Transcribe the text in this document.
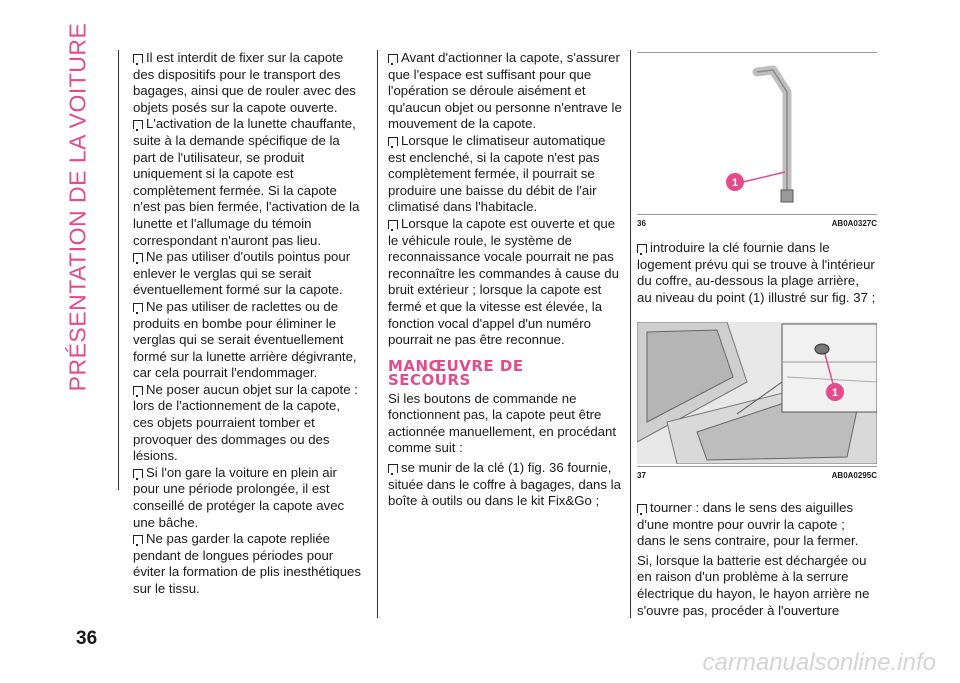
PRÉSENTATION DE LA VOITURE	Il est interdit de fixer sur la capote des dispositifs pour le transport des bagages, ainsi que de rouler avec des objets posés sur la capote ouverte.

L'activation de la lunette chauffante, suite à la demande spécifique de la part de l'utilisateur, se produit uniquement si la capote est complètement fermée. Si la capote n'est pas bien fermée, l'activation de la lunette et l'allumage du témoin correspondant n'auront pas lieu.

Ne pas utiliser d'outils pointus pour enlever le verglas qui se serait éventuellement formé sur la capote.

Ne pas utiliser de raclettes ou de produits en bombe pour éliminer le verglas qui se serait éventuellement formé sur la lunette arrière dégivrante, car cela pourrait l'endommager.

Ne poser aucun objet sur la capote : lors de l'actionnement de la capote, ces objets pourraient tomber et provoquer des dommages ou des lésions.

Si l'on gare la voiture en plein air pour une période prolongée, il est conseillé de protéger la capote avec une bâche.

Ne pas garder la capote repliée pendant de longues périodes pour éviter la formation de plis inesthétiques sur le tissu.

Avant d'actionner la capote, s'assurer que l'espace est suffisant pour que l'opération se déroule aisément et qu'aucun objet ou personne n'entrave le mouvement de la capote.

Lorsque le climatiseur automatique est enclenché, si la capote n'est pas complètement fermée, il pourrait se produire une baisse du débit de l'air climatisé dans l'habitacle.

Lorsque la capote est ouverte et que le véhicule roule, le système de reconnaissance vocale pourrait ne pas reconnaître les commandes à cause du bruit extérieur ; lorsque la capote est fermé et que la vitesse est élevée, la fonction vocal d'appel d'un numéro pourrait ne pas être reconnue.

MANŒUVRE DE
SECOURS

Si les boutons de commande ne fonctionnent pas, la capote peut être actionnée manuellement, en procédant comme suit :

se munir de la clé (1) fig. 36 fournie, située dans le coffre à bagages, dans la boîte à outils ou dans le kit Fix&Go ;

1
36	AB0A0327C

introduire la clé fournie dans le logement prévu qui se trouve à l'intérieur du coffre, au-dessous la plage arrière, au niveau du point (1) illustré sur fig. 37 ;

1
37	AB0A0295C

tourner : dans le sens des aiguilles d'une montre pour ouvrir la capote ; dans le sens contraire, pour la fermer.

Si, lorsque la batterie est déchargée ou en raison d'un problème à la serrure électrique du hayon, le hayon arrière ne s'ouvre pas, procéder à l'ouverture

36
carmanualsonline.info
